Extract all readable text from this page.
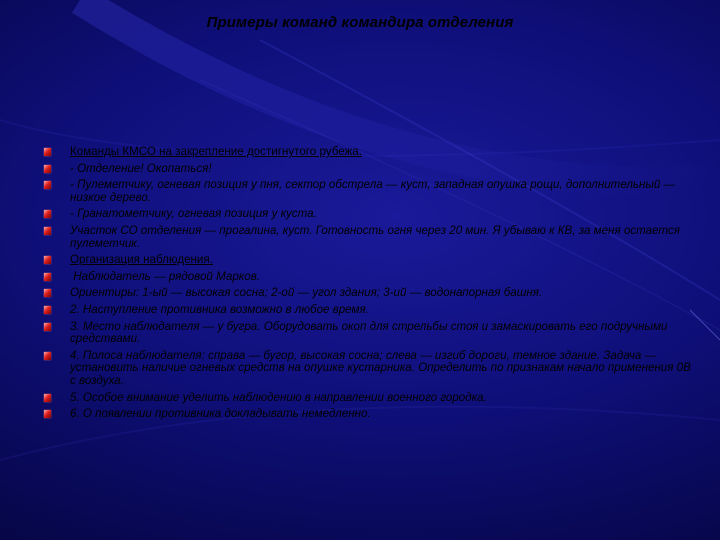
Примеры команд командира отделения
Команды КМСО на закрепление достигнутого рубежа.
- Отделение! Окопаться!
- Пулеметчику, огневая позиция у пня, сектор обстрела — куст, западная опушка рощи, дополнительный — низкое дерево.
- Гранатометчику, огневая позиция у куста.
Участок СО отделения — прогалина, куст. Готовность огня через 20 мин. Я убываю к КВ, за меня остается пулеметчик.
Организация наблюдения.
Наблюдатель — рядовой Марков.
Ориентиры: 1-ый — высокая сосна; 2-ой — угол здания; 3-ий — водонапорная башня.
2. Наступление противника возможно в любое время.
3. Место наблюдателя — у бугра. Оборудовать окоп для стрельбы стоя и замаскировать его подручными средствами.
4. Полоса наблюдателя: справа — бугор, высокая сосна; слева — изгиб дороги, темное здание. Задача — установить наличие огневых средств на опушке кустарника. Определить по признакам начало применения 0В с воздуха.
5. Особое внимание уделить наблюдению в направлении военного городка.
6. О появлении противника докладывать немедленно.
